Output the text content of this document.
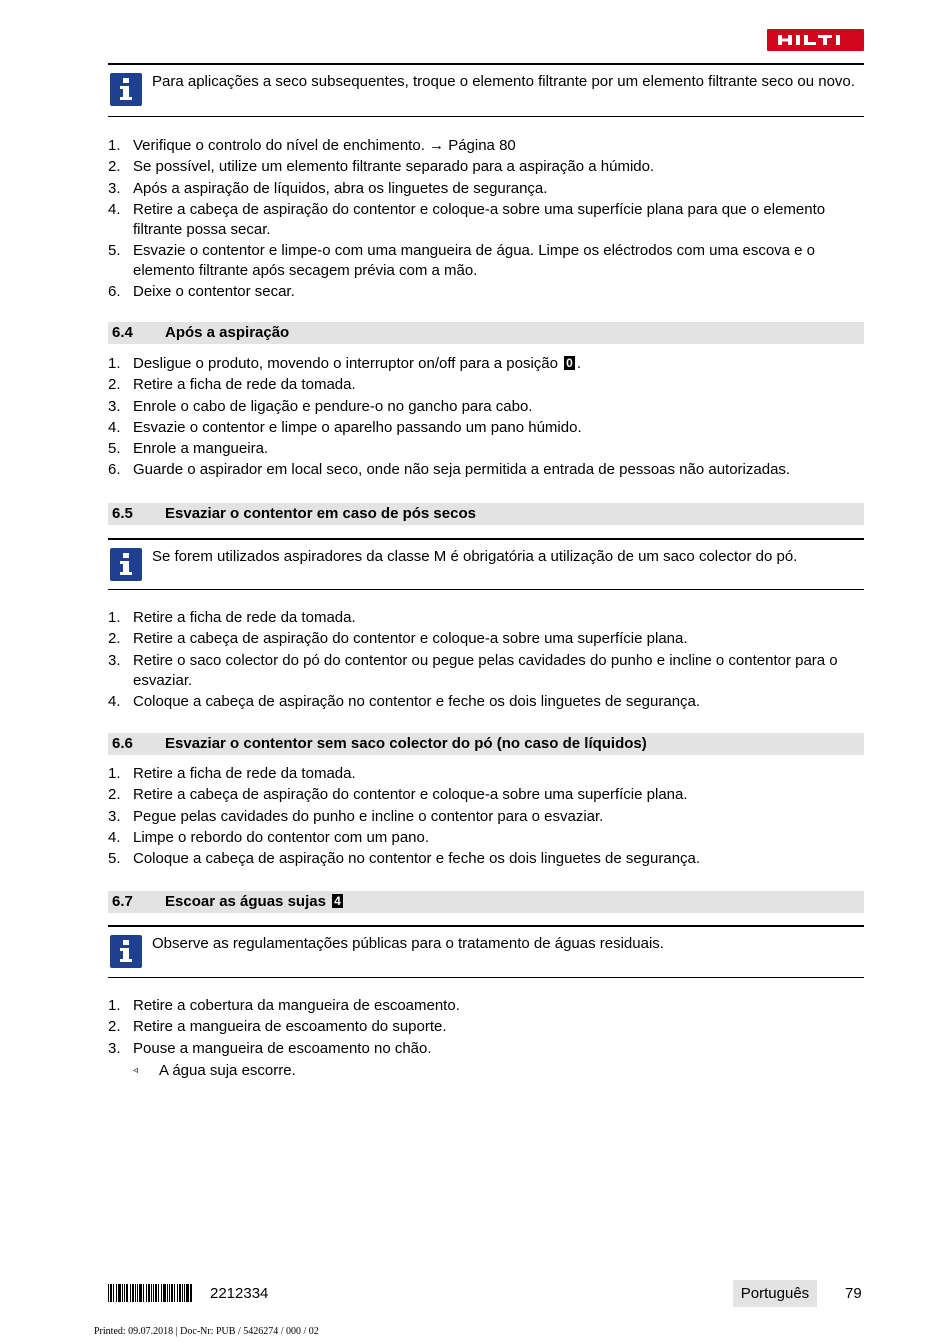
Para aplicações a seco subsequentes, troque o elemento filtrante por um elemento filtrante seco ou novo.
1. Verifique o controlo do nível de enchimento. → Página 80
2. Se possível, utilize um elemento filtrante separado para a aspiração a húmido.
3. Após a aspiração de líquidos, abra os linguetes de segurança.
4. Retire a cabeça de aspiração do contentor e coloque-a sobre uma superfície plana para que o elemento filtrante possa secar.
5. Esvazie o contentor e limpe-o com uma mangueira de água. Limpe os eléctrodos com uma escova e o elemento filtrante após secagem prévia com a mão.
6. Deixe o contentor secar.
6.4 Após a aspiração
1. Desligue o produto, movendo o interruptor on/off para a posição 0 .
2. Retire a ficha de rede da tomada.
3. Enrole o cabo de ligação e pendure-o no gancho para cabo.
4. Esvazie o contentor e limpe o aparelho passando um pano húmido.
5. Enrole a mangueira.
6. Guarde o aspirador em local seco, onde não seja permitida a entrada de pessoas não autorizadas.
6.5 Esvaziar o contentor em caso de pós secos
Se forem utilizados aspiradores da classe M é obrigatória a utilização de um saco colector do pó.
1. Retire a ficha de rede da tomada.
2. Retire a cabeça de aspiração do contentor e coloque-a sobre uma superfície plana.
3. Retire o saco colector do pó do contentor ou pegue pelas cavidades do punho e incline o contentor para o esvaziar.
4. Coloque a cabeça de aspiração no contentor e feche os dois linguetes de segurança.
6.6 Esvaziar o contentor sem saco colector do pó (no caso de líquidos)
1. Retire a ficha de rede da tomada.
2. Retire a cabeça de aspiração do contentor e coloque-a sobre uma superfície plana.
3. Pegue pelas cavidades do punho e incline o contentor para o esvaziar.
4. Limpe o rebordo do contentor com um pano.
5. Coloque a cabeça de aspiração no contentor e feche os dois linguetes de segurança.
6.7 Escoar as águas sujas 4
Observe as regulamentações públicas para o tratamento de águas residuais.
1. Retire a cobertura da mangueira de escoamento.
2. Retire a mangueira de escoamento do suporte.
3. Pouse a mangueira de escoamento no chão.
◃ A água suja escorre.
2212334	Português	79
Printed: 09.07.2018 | Doc-Nr: PUB / 5426274 / 000 / 02
